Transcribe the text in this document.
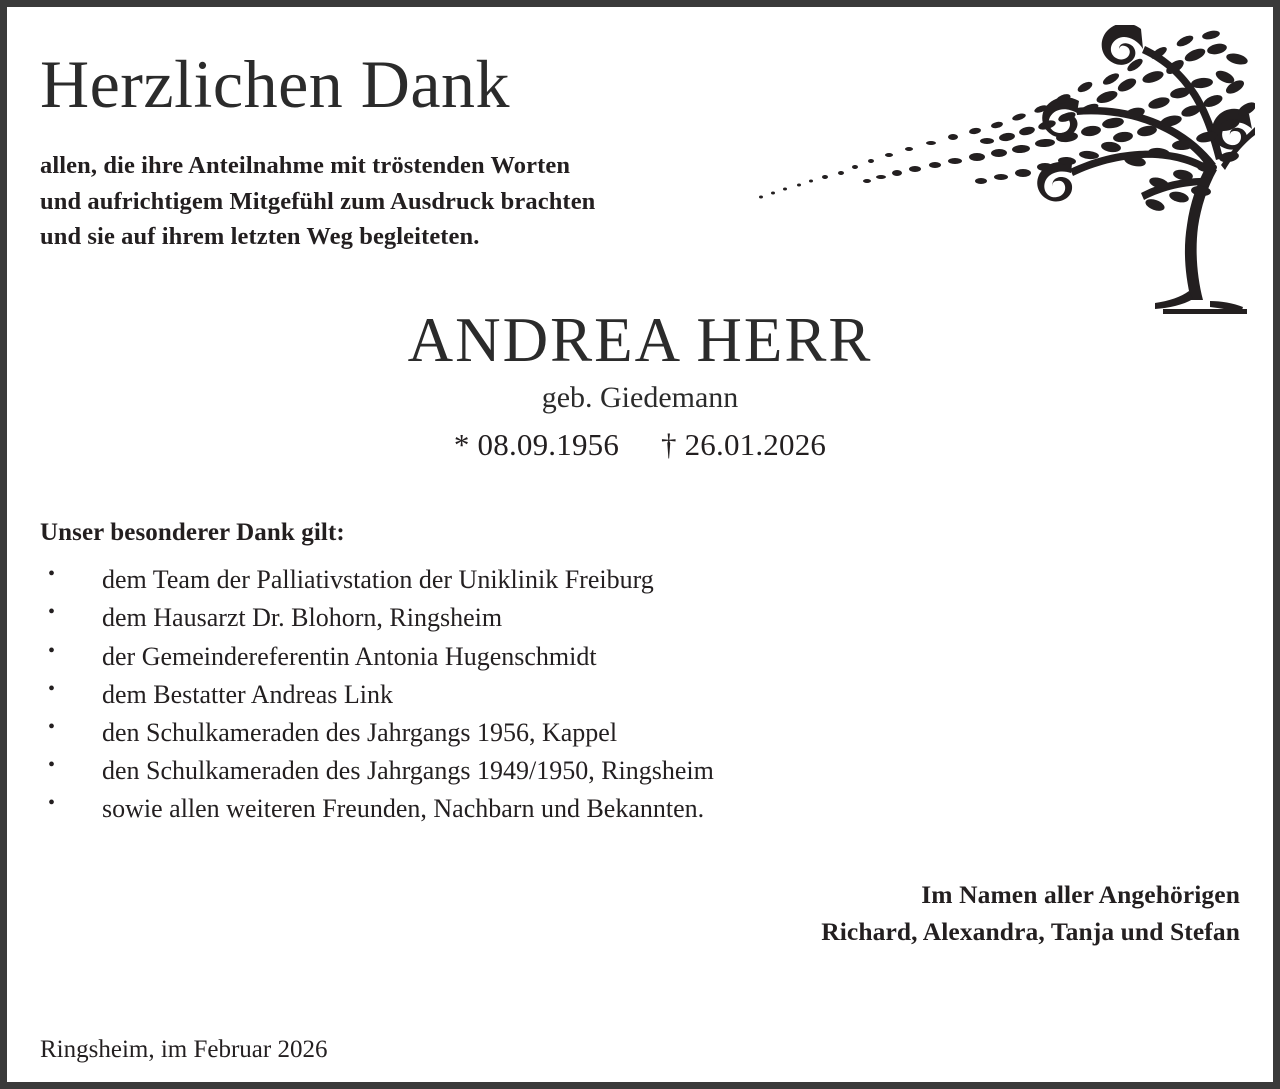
Herzlichen Dank
allen, die ihre Anteilnahme mit tröstenden Worten
und aufrichtigem Mitgefühl zum Ausdruck brachten
und sie auf ihrem letzten Weg begleiteten.
ANDREA HERR
geb. Giedemann
* 08.09.1956 † 26.01.2026
Unser besonderer Dank gilt:
• dem Team der Palliativstation der Uniklinik Freiburg
• dem Hausarzt Dr. Blohorn, Ringsheim
• der Gemeindereferentin Antonia Hugenschmidt
• dem Bestatter Andreas Link
• den Schulkameraden des Jahrgangs 1956, Kappel
• den Schulkameraden des Jahrgangs 1949/1950, Ringsheim
• sowie allen weiteren Freunden, Nachbarn und Bekannten.
Im Namen aller Angehörigen
Richard, Alexandra, Tanja und Stefan
Ringsheim, im Februar 2026
